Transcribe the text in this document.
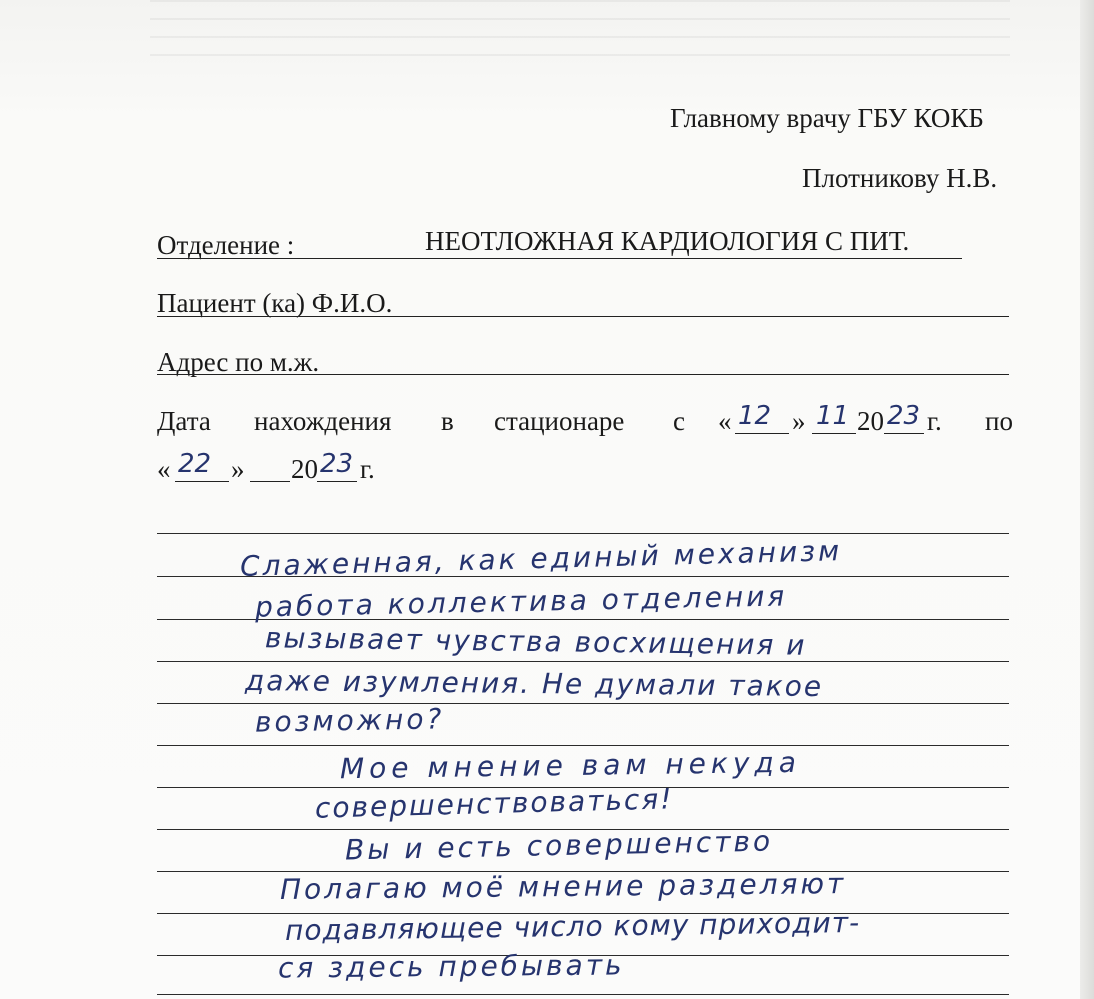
Главному врачу ГБУ КОКБ
Плотникову Н.В.
Отделение :	НЕОТЛОЖНАЯ КАРДИОЛОГИЯ С ПИТ.
Пациент (ка) Ф.И.О.
Адрес по м.ж.
Дата нахождения в стационаре с « 12 » 11 20 23 г. по
« 22 » 20 23 г.
Слаженная, как единый механизм
работа коллектива отделения
вызывает чувства восхищения и
даже изумления. Не думали такое
возможно?
Мое мнение вам некуда
совершенствоваться!
Вы и есть совершенство
Полагаю моё мнение разделяют
подавляющее число кому приходит-
ся здесь пребывать
